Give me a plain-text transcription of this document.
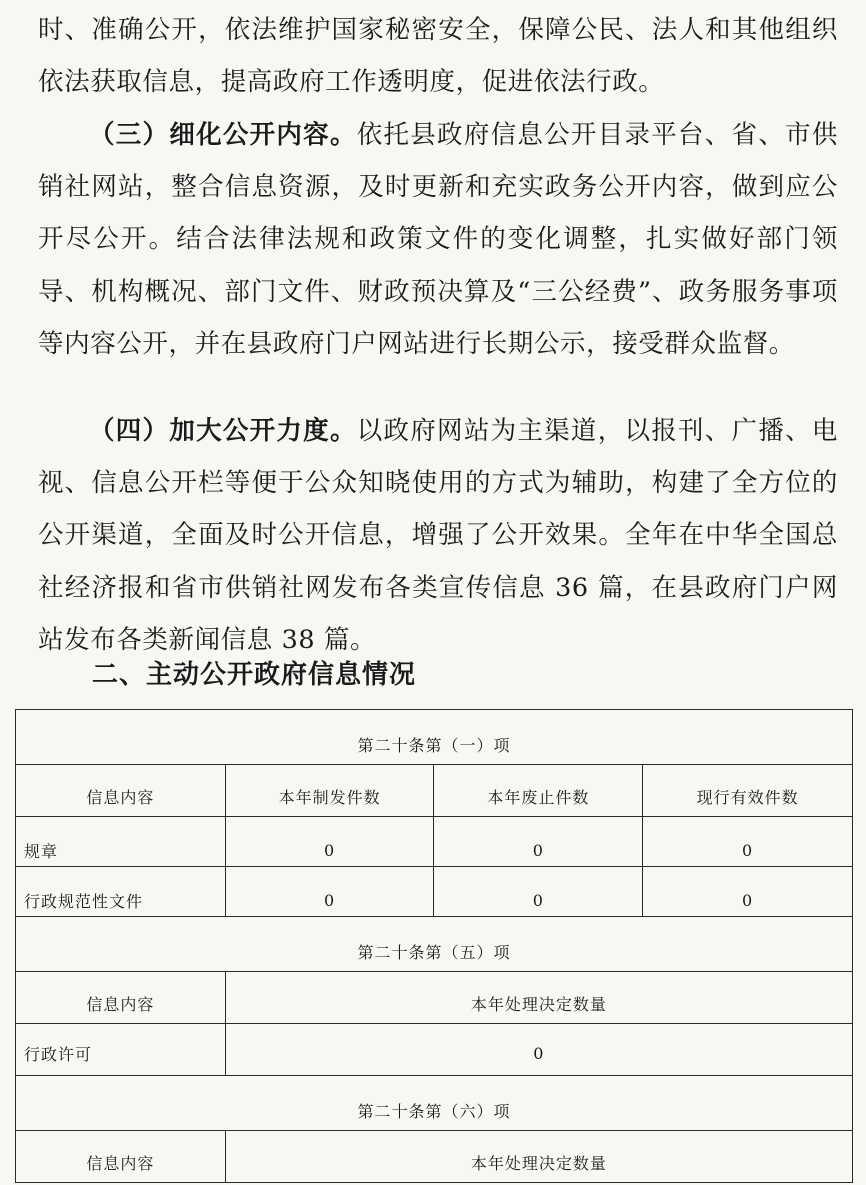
时、准确公开，依法维护国家秘密安全，保障公民、法人和其他组织依法获取信息，提高政府工作透明度，促进依法行政。

（三）细化公开内容。依托县政府信息公开目录平台、省、市供销社网站，整合信息资源，及时更新和充实政务公开内容，做到应公开尽公开。结合法律法规和政策文件的变化调整，扎实做好部门领导、机构概况、部门文件、财政预决算及“三公经费”、政务服务事项等内容公开，并在县政府门户网站进行长期公示，接受群众监督。

（四）加大公开力度。以政府网站为主渠道，以报刊、广播、电视、信息公开栏等便于公众知晓使用的方式为辅助，构建了全方位的公开渠道，全面及时公开信息，增强了公开效果。全年在中华全国总社经济报和省市供销社网发布各类宣传信息 36 篇，在县政府门户网站发布各类新闻信息 38 篇。

二、主动公开政府信息情况
第二十条第（一）项			
信息内容	本年制发件数	本年废止件数	现行有效件数
规章	0	0	0
行政规范性文件	0	0	0
第二十条第（五）项			
信息内容	本年处理决定数量		
行政许可	0		
第二十条第（六）项			
信息内容	本年处理决定数量		
